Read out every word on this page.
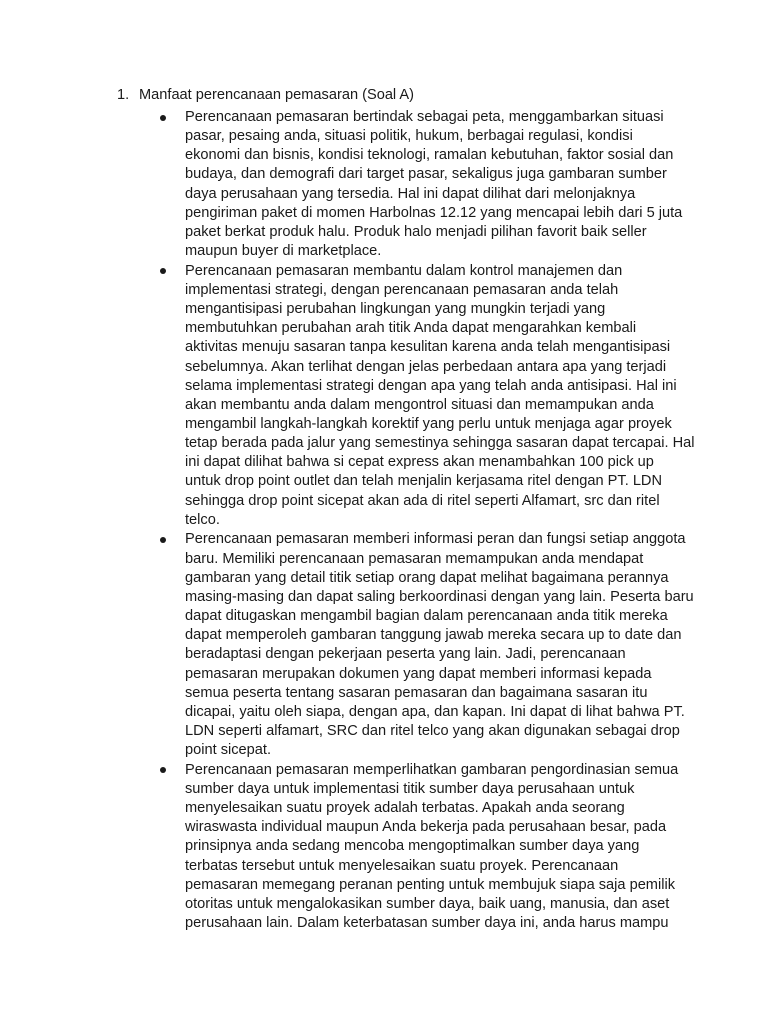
1. Manfaat perencanaan pemasaran (Soal A)
Perencanaan pemasaran bertindak sebagai peta, menggambarkan situasi
pasar, pesaing anda, situasi politik, hukum, berbagai regulasi, kondisi
ekonomi dan bisnis, kondisi teknologi, ramalan kebutuhan, faktor sosial dan
budaya, dan demografi dari target pasar, sekaligus juga gambaran sumber
daya perusahaan yang tersedia. Hal ini dapat dilihat dari melonjaknya
pengiriman paket di momen Harbolnas 12.12 yang mencapai lebih dari 5 juta
paket berkat produk halu. Produk halo menjadi pilihan favorit baik seller
maupun buyer di marketplace.
Perencanaan pemasaran membantu dalam kontrol manajemen dan
implementasi strategi, dengan perencanaan pemasaran anda telah
mengantisipasi perubahan lingkungan yang mungkin terjadi yang
membutuhkan perubahan arah titik Anda dapat mengarahkan kembali
aktivitas menuju sasaran tanpa kesulitan karena anda telah mengantisipasi
sebelumnya. Akan terlihat dengan jelas perbedaan antara apa yang terjadi
selama implementasi strategi dengan apa yang telah anda antisipasi. Hal ini
akan membantu anda dalam mengontrol situasi dan memampukan anda
mengambil langkah-langkah korektif yang perlu untuk menjaga agar proyek
tetap berada pada jalur yang semestinya sehingga sasaran dapat tercapai. Hal
ini dapat dilihat bahwa si cepat express akan menambahkan 100 pick up
untuk drop point outlet dan telah menjalin kerjasama ritel dengan PT. LDN
sehingga drop point sicepat akan ada di ritel seperti Alfamart, src dan ritel
telco.
Perencanaan pemasaran memberi informasi peran dan fungsi setiap anggota
baru. Memiliki perencanaan pemasaran memampukan anda mendapat
gambaran yang detail titik setiap orang dapat melihat bagaimana perannya
masing-masing dan dapat saling berkoordinasi dengan yang lain. Peserta baru
dapat ditugaskan mengambil bagian dalam perencanaan anda titik mereka
dapat memperoleh gambaran tanggung jawab mereka secara up to date dan
beradaptasi dengan pekerjaan peserta yang lain. Jadi, perencanaan
pemasaran merupakan dokumen yang dapat memberi informasi kepada
semua peserta tentang sasaran pemasaran dan bagaimana sasaran itu
dicapai, yaitu oleh siapa, dengan apa, dan kapan. Ini dapat di lihat bahwa PT.
LDN seperti alfamart, SRC dan ritel telco yang akan digunakan sebagai drop
point sicepat.
Perencanaan pemasaran memperlihatkan gambaran pengordinasian semua
sumber daya untuk implementasi titik sumber daya perusahaan untuk
menyelesaikan suatu proyek adalah terbatas. Apakah anda seorang
wiraswasta individual maupun Anda bekerja pada perusahaan besar, pada
prinsipnya anda sedang mencoba mengoptimalkan sumber daya yang
terbatas tersebut untuk menyelesaikan suatu proyek. Perencanaan
pemasaran memegang peranan penting untuk membujuk siapa saja pemilik
otoritas untuk mengalokasikan sumber daya, baik uang, manusia, dan aset
perusahaan lain. Dalam keterbatasan sumber daya ini, anda harus mampu
